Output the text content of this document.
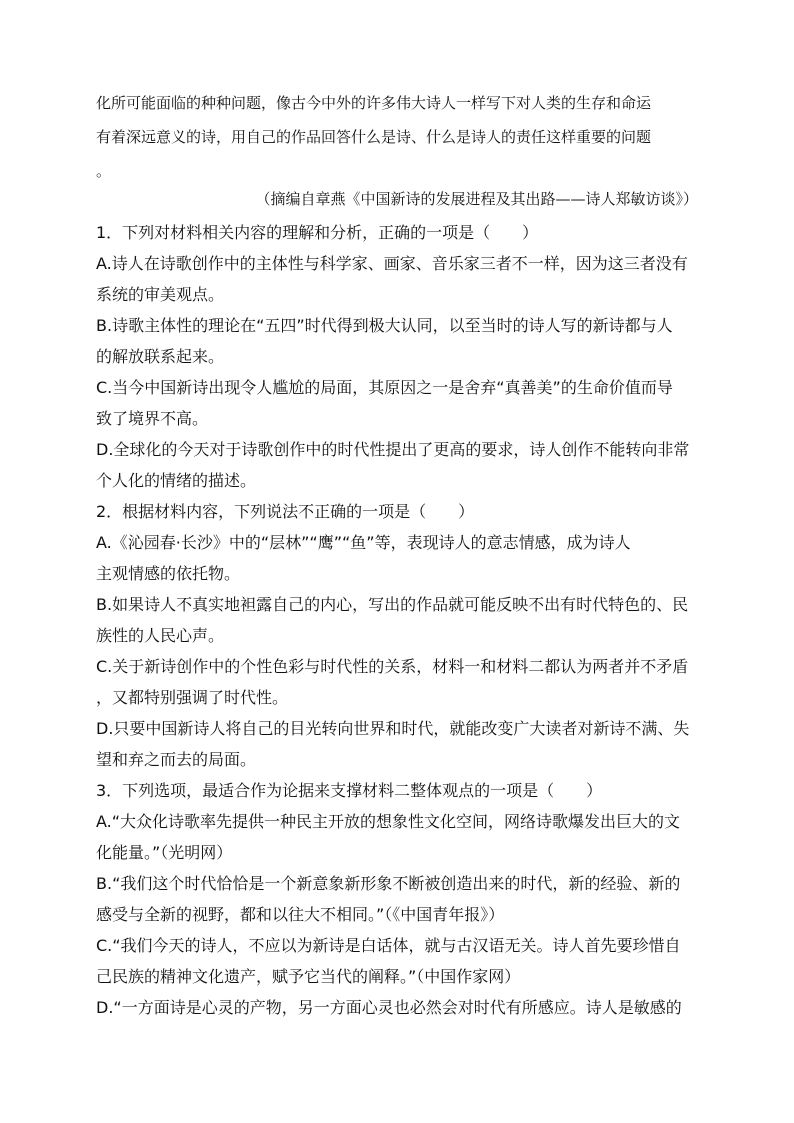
化所可能面临的种种问题，像古今中外的许多伟大诗人一样写下对人类的生存和命运
有着深远意义的诗，用自己的作品回答什么是诗、什么是诗人的责任这样重要的问题
。
（摘编自章燕《中国新诗的发展进程及其出路——诗人郑敏访谈》）
1．下列对材料相关内容的理解和分析，正确的一项是（　　）
A.诗人在诗歌创作中的主体性与科学家、画家、音乐家三者不一样，因为这三者没有
系统的审美观点。
B.诗歌主体性的理论在“五四”时代得到极大认同，以至当时的诗人写的新诗都与人
的解放联系起来。
C.当今中国新诗出现令人尴尬的局面，其原因之一是舍弃“真善美”的生命价值而导
致了境界不高。
D.全球化的今天对于诗歌创作中的时代性提出了更高的要求，诗人创作不能转向非常
个人化的情绪的描述。
2．根据材料内容，下列说法不正确的一项是（　　）
A.《沁园春·长沙》中的“层林”“鹰”“鱼”等，表现诗人的意志情感，成为诗人
主观情感的依托物。
B.如果诗人不真实地袒露自己的内心，写出的作品就可能反映不出有时代特色的、民
族性的人民心声。
C.关于新诗创作中的个性色彩与时代性的关系，材料一和材料二都认为两者并不矛盾
，又都特别强调了时代性。
D.只要中国新诗人将自己的目光转向世界和时代，就能改变广大读者对新诗不满、失
望和弃之而去的局面。
3．下列选项，最适合作为论据来支撑材料二整体观点的一项是（　　）
A.“大众化诗歌率先提供一种民主开放的想象性文化空间，网络诗歌爆发出巨大的文
化能量。”（光明网）
B.“我们这个时代恰恰是一个新意象新形象不断被创造出来的时代，新的经验、新的
感受与全新的视野，都和以往大不相同。”（《中国青年报》）
C.“我们今天的诗人，不应以为新诗是白话体，就与古汉语无关。诗人首先要珍惜自
己民族的精神文化遗产，赋予它当代的阐释。”（中国作家网）
D.“一方面诗是心灵的产物，另一方面心灵也必然会对时代有所感应。诗人是敏感的
